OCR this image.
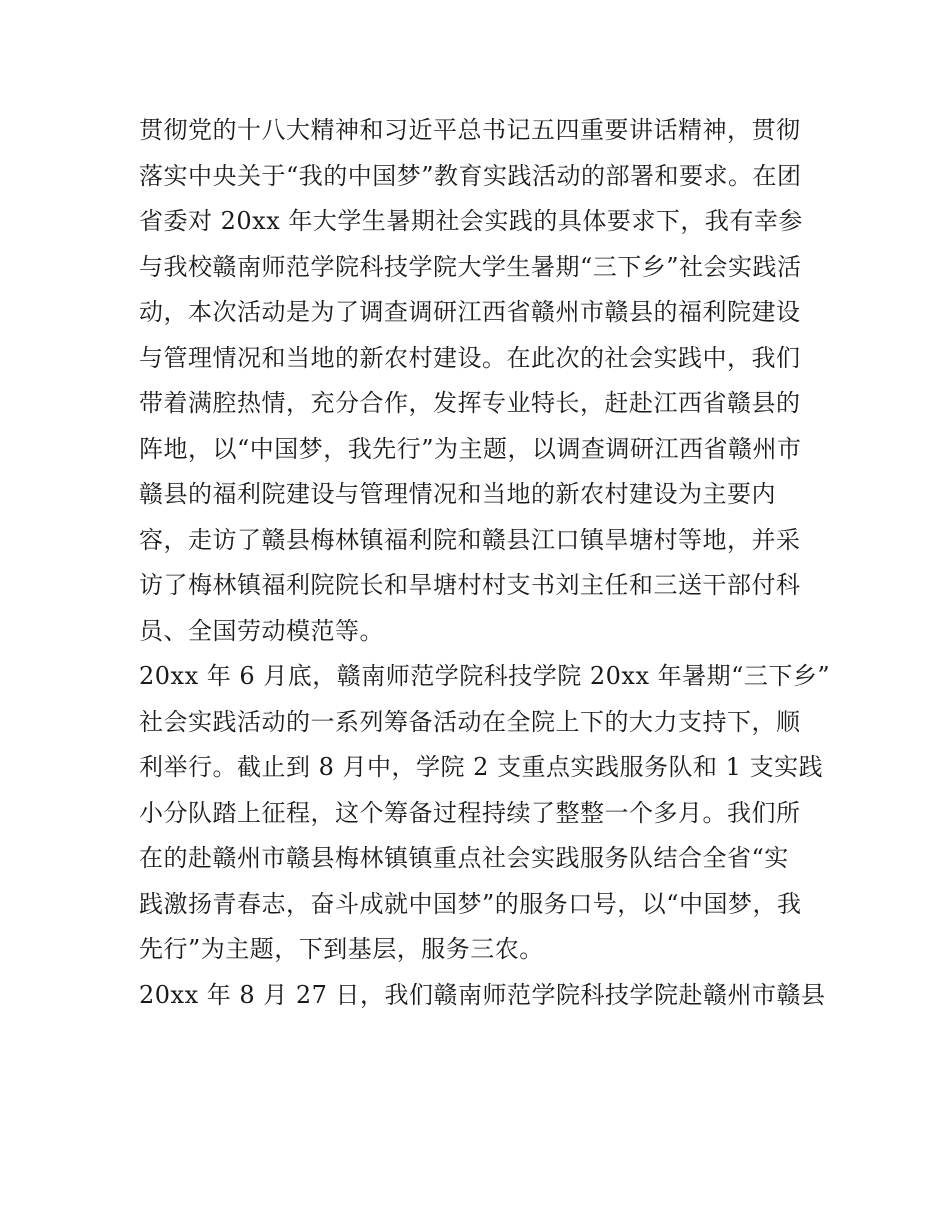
贯彻党的十八大精神和习近平总书记五四重要讲话精神，贯彻
落实中央关于“我的中国梦”教育实践活动的部署和要求。在团
省委对 20xx 年大学生暑期社会实践的具体要求下，我有幸参
与我校赣南师范学院科技学院大学生暑期“三下乡”社会实践活
动，本次活动是为了调查调研江西省赣州市赣县的福利院建设
与管理情况和当地的新农村建设。在此次的社会实践中，我们
带着满腔热情，充分合作，发挥专业特长，赶赴江西省赣县的
阵地，以“中国梦，我先行”为主题，以调查调研江西省赣州市
赣县的福利院建设与管理情况和当地的新农村建设为主要内
容，走访了赣县梅林镇福利院和赣县江口镇旱塘村等地，并采
访了梅林镇福利院院长和旱塘村村支书刘主任和三送干部付科
员、全国劳动模范等。
20xx 年 6 月底，赣南师范学院科技学院 20xx 年暑期“三下乡”
社会实践活动的一系列筹备活动在全院上下的大力支持下，顺
利举行。截止到 8 月中，学院 2 支重点实践服务队和 1 支实践
小分队踏上征程，这个筹备过程持续了整整一个多月。我们所
在的赴赣州市赣县梅林镇镇重点社会实践服务队结合全省“实
践激扬青春志，奋斗成就中国梦”的服务口号，以“中国梦，我
先行”为主题，下到基层，服务三农。
20xx 年 8 月 27 日，我们赣南师范学院科技学院赴赣州市赣县
